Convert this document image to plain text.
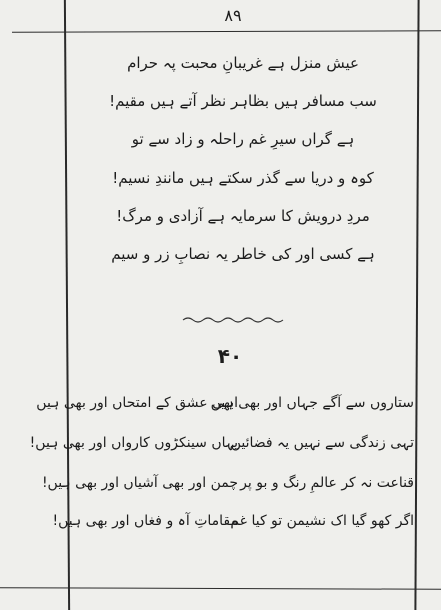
۸۹
عیش منزل ہے غریبانِ محبت پہ حرام
سب مسافر ہیں بظاہر نظر آتے ہیں مقیم!
ہے گراں سیرِ غم راحلہ و زاد سے تو
کوہ و دریا سے گذر سکتے ہیں مانندِ نسیم!
مردِ درویش کا سرمایہ ہے آزادی و مرگ!
ہے کسی اور کی خاطر یہ نصابِ زر و سیم
۴۰
ستاروں سے آگے جہاں اور بھی ہیں
ابھی عشق کے امتحاں اور بھی ہیں
تہی زندگی سے نہیں یہ فضائیں
یہاں سینکڑوں کارواں اور بھی ہیں!
قناعت نہ کر عالمِ رنگ و بو پر
چمن اور بھی آشیاں اور بھی ہیں!
اگر کھو گیا اک نشیمن تو کیا غم
مقاماتِ آہ و فغاں اور بھی ہیں!
